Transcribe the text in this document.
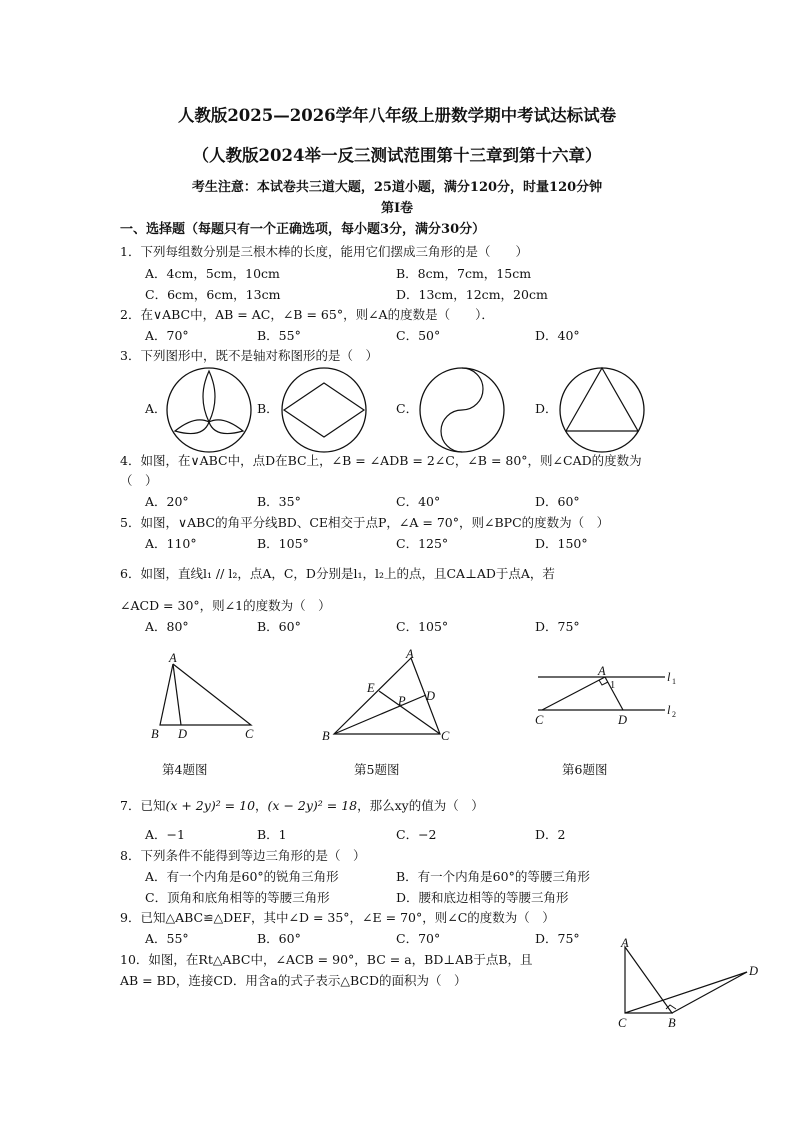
人教版2025—2026学年八年级上册数学期中考试达标试卷
（人教版2024举一反三测试范围第十三章到第十六章）
考生注意：本试卷共三道大题，25道小题，满分120分，时量120分钟
第Ⅰ卷
一、选择题（每题只有一个正确选项，每小题3分，满分30分）
1．下列每组数分别是三根木棒的长度，能用它们摆成三角形的是（　　）
A．4cm，5cm，10cm	B．8cm，7cm，15cm
C．6cm，6cm，13cm	D．13cm，12cm，20cm
2．在∨ABC中，AB = AC，∠B = 65°，则∠A的度数是（　　）．
A．70°	B．55°	C．50°	D．40°
3．下列图形中，既不是轴对称图形的是（　）
A．	B．	C．	D．
4．如图，在∨ABC中，点D在BC上，∠B = ∠ADB = 2∠C，∠B = 80°，则∠CAD的度数为
（　）
A．20°	B．35°	C．40°	D．60°
5．如图，∨ABC的角平分线BD、CE相交于点P，∠A = 70°，则∠BPC的度数为（　）
A．110°	B．105°	C．125°	D．150°
6．如图，直线l₁ // l₂，点A，C，D分别是l₁，l₂上的点，且CA⊥AD于点A，若
∠ACD = 30°，则∠1的度数为（　）
A．80°	B．60°	C．105°	D．75°
A
B D	C
第4题图
A
B	C
D
E
P
第5题图
A
1
C	D
l 1
l 2
第6题图
7．已知(x + 2y)² = 10，(x − 2y)² = 18，那么xy的值为（　）
A．−1	B．1	C．−2	D．2
8．下列条件不能得到等边三角形的是（　）
A．有一个内角是60°的锐角三角形	B．有一个内角是60°的等腰三角形
C．顶角和底角相等的等腰三角形	D．腰和底边相等的等腰三角形
9．已知△ABC≌△DEF，其中∠D = 35°，∠E = 70°，则∠C的度数为（　）
A．55°	B．60°	C．70°	D．75°
10．如图，在Rt△ABC中，∠ACB = 90°，BC = a，BD⊥AB于点B，且
AB = BD，连接CD．用含a的式子表示△BCD的面积为（　）
A
C	B
D
